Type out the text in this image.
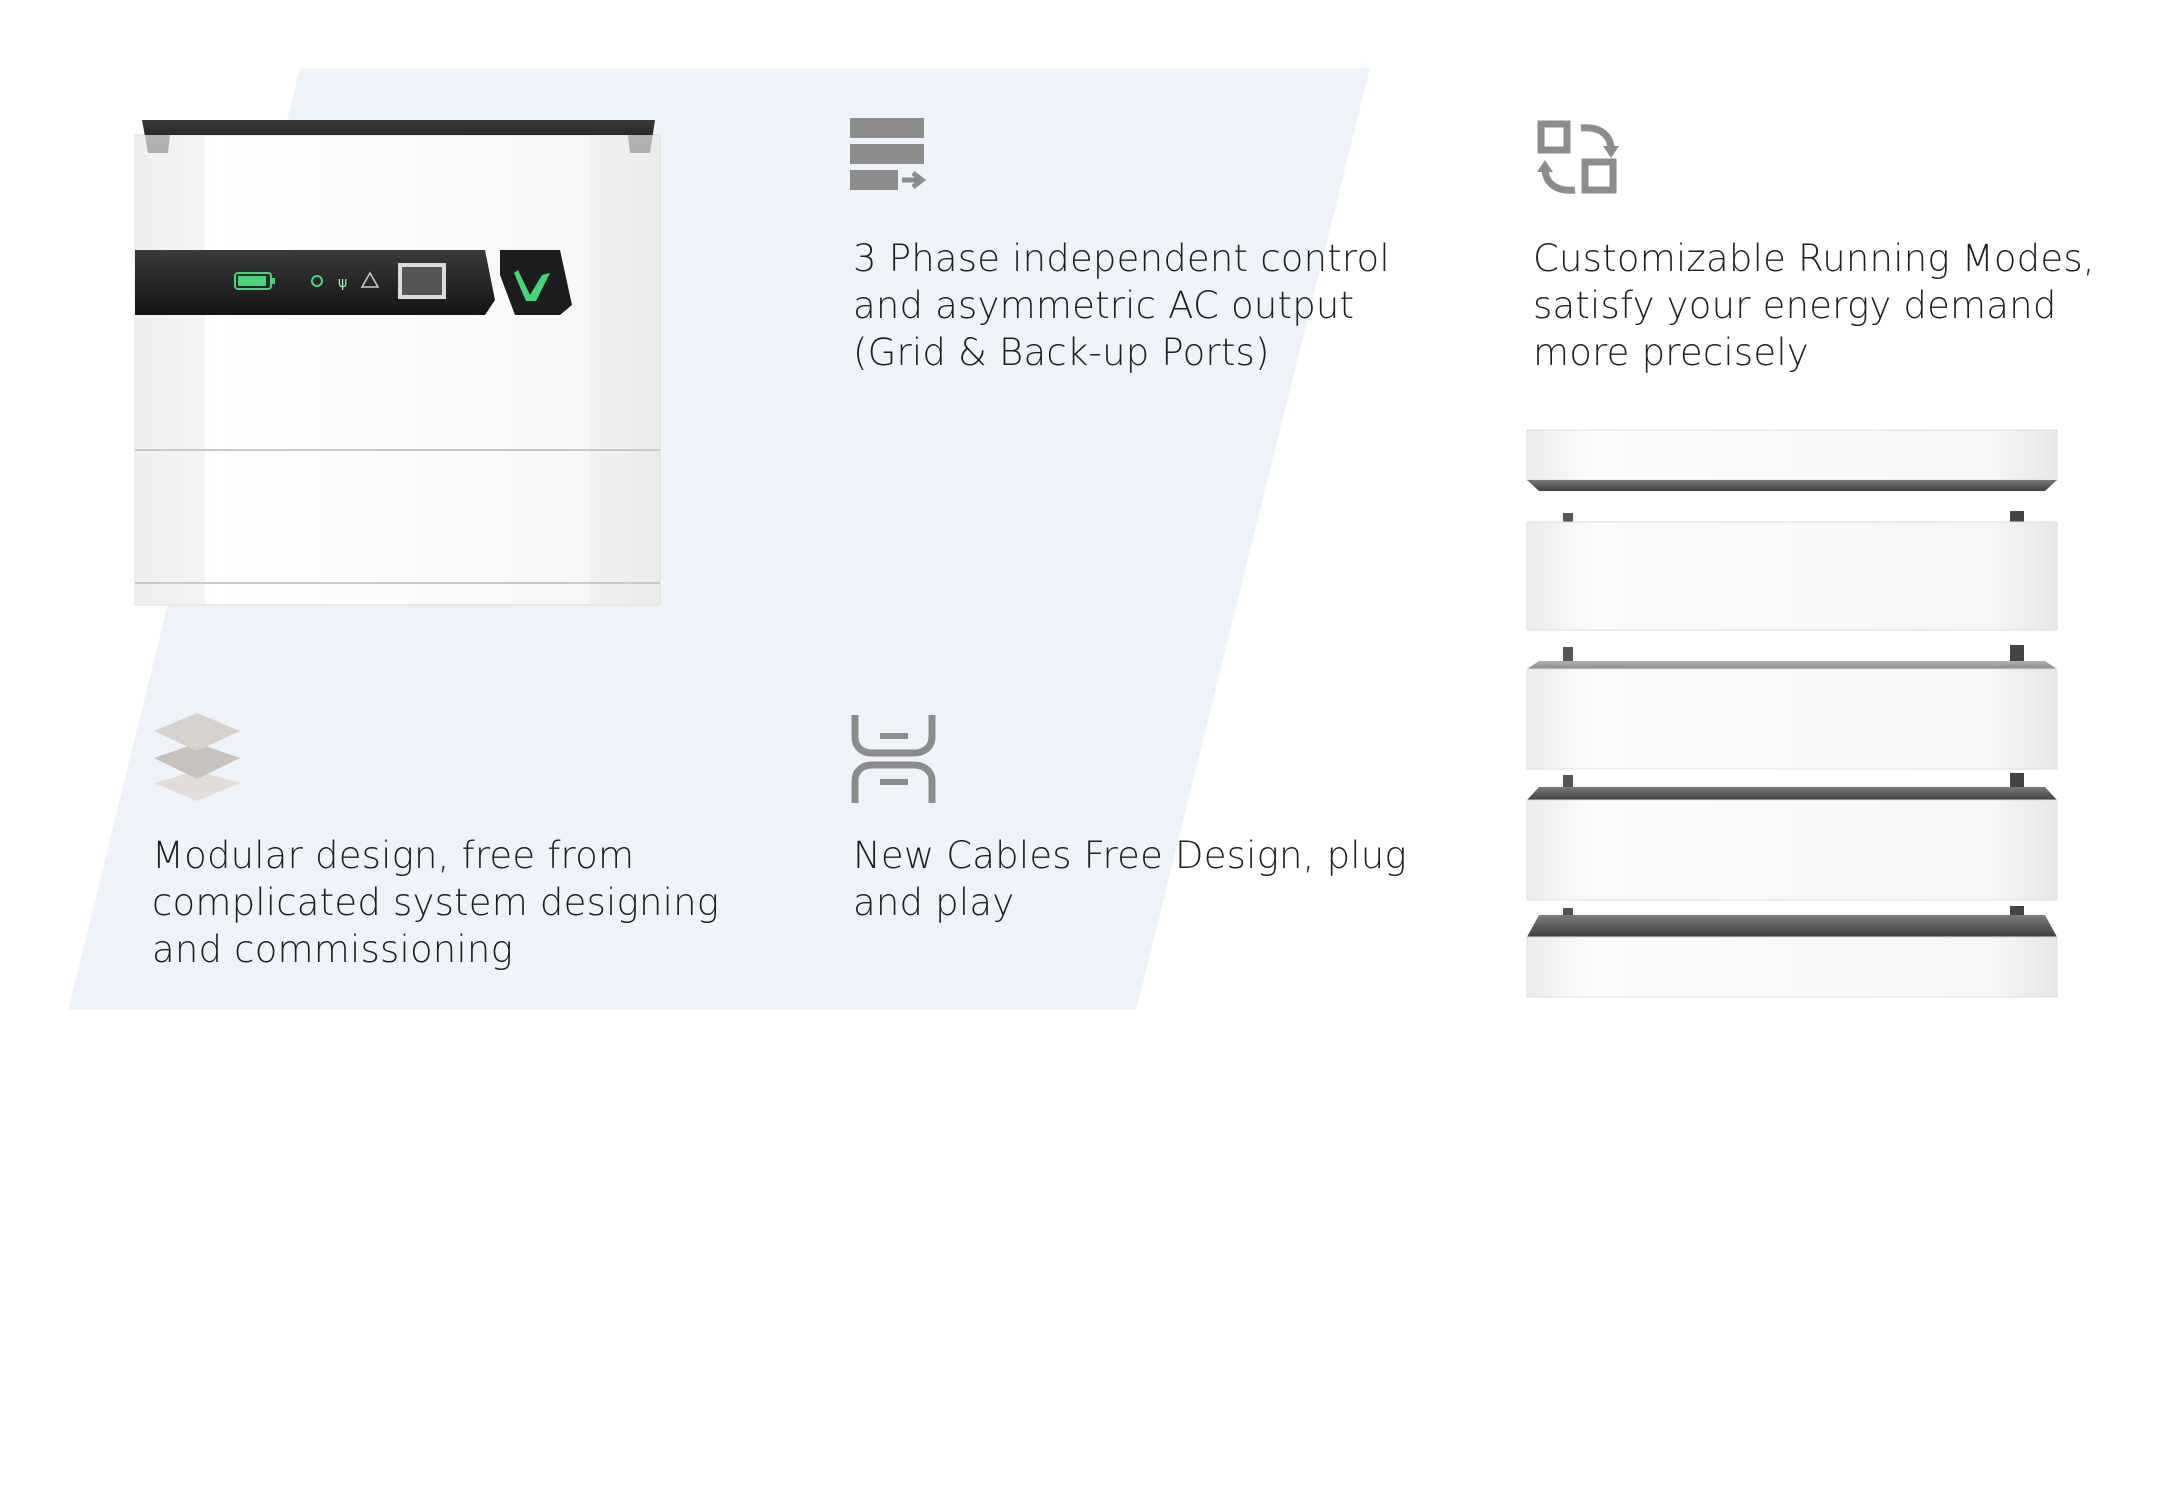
ψ
3 Phase independent control
and asymmetric AC output
(Grid & Back-up Ports)
Customizable Running Modes,
satisfy your energy demand
more precisely
Modular design, free from
complicated system designing
and commissioning
New Cables Free Design, plug
and play
